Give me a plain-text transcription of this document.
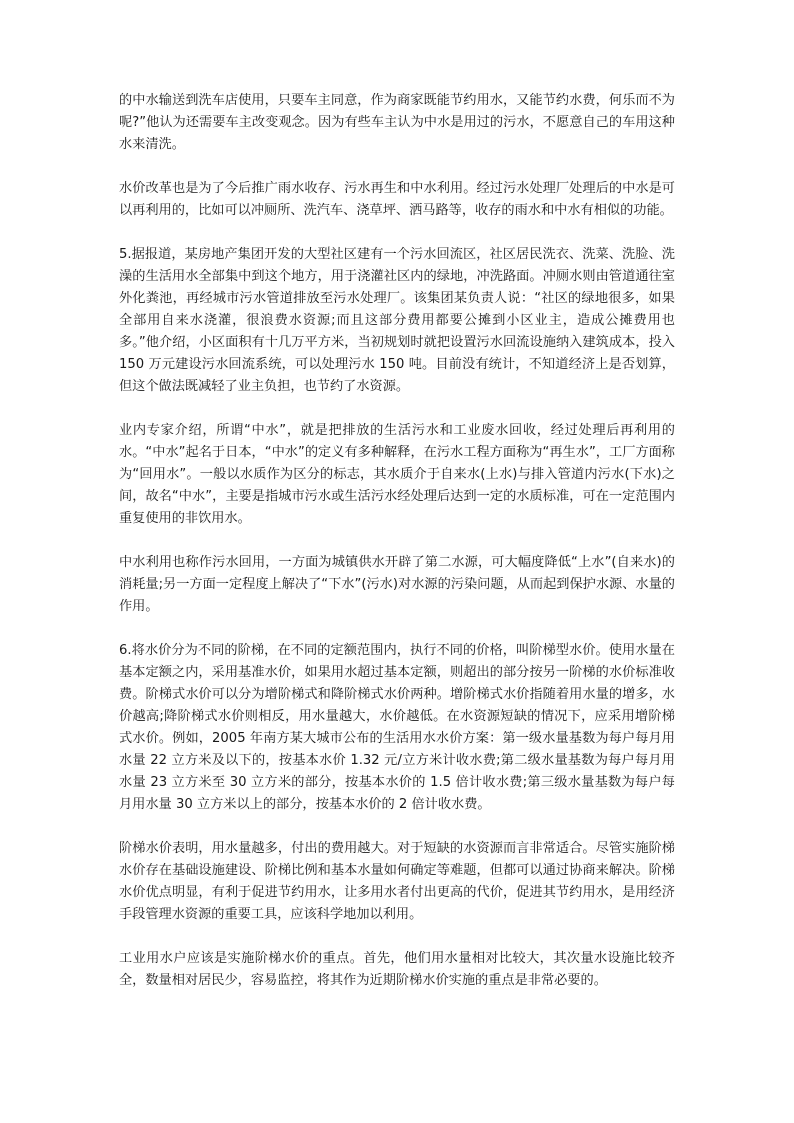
的中水输送到洗车店使用，只要车主同意，作为商家既能节约用水，又能节约水费，何乐而不为呢?”他认为还需要车主改变观念。因为有些车主认为中水是用过的污水，不愿意自己的车用这种水来清洗。

水价改革也是为了今后推广雨水收存、污水再生和中水利用。经过污水处理厂处理后的中水是可以再利用的，比如可以冲厕所、洗汽车、浇草坪、洒马路等，收存的雨水和中水有相似的功能。

5.据报道，某房地产集团开发的大型社区建有一个污水回流区，社区居民洗衣、洗菜、洗脸、洗澡的生活用水全部集中到这个地方，用于浇灌社区内的绿地，冲洗路面。冲厕水则由管道通往室外化粪池，再经城市污水管道排放至污水处理厂。该集团某负责人说：“社区的绿地很多，如果全部用自来水浇灌，很浪费水资源;而且这部分费用都要公摊到小区业主，造成公摊费用也多。”他介绍，小区面积有十几万平方米，当初规划时就把设置污水回流设施纳入建筑成本，投入 150 万元建设污水回流系统，可以处理污水 150 吨。目前没有统计，不知道经济上是否划算，但这个做法既减轻了业主负担，也节约了水资源。

业内专家介绍，所谓“中水”，就是把排放的生活污水和工业废水回收，经过处理后再利用的水。“中水”起名于日本，“中水”的定义有多种解释，在污水工程方面称为“再生水”，工厂方面称为“回用水”。一般以水质作为区分的标志，其水质介于自来水(上水)与排入管道内污水(下水)之间，故名“中水”，主要是指城市污水或生活污水经处理后达到一定的水质标准，可在一定范围内重复使用的非饮用水。

中水利用也称作污水回用，一方面为城镇供水开辟了第二水源，可大幅度降低“上水”(自来水)的消耗量;另一方面一定程度上解决了“下水”(污水)对水源的污染问题，从而起到保护水源、水量的作用。

6.将水价分为不同的阶梯，在不同的定额范围内，执行不同的价格，叫阶梯型水价。使用水量在基本定额之内，采用基准水价，如果用水超过基本定额，则超出的部分按另一阶梯的水价标准收费。阶梯式水价可以分为增阶梯式和降阶梯式水价两种。增阶梯式水价指随着用水量的增多，水价越高;降阶梯式水价则相反，用水量越大，水价越低。在水资源短缺的情况下，应采用增阶梯式水价。例如，2005 年南方某大城市公布的生活用水水价方案：第一级水量基数为每户每月用水量 22 立方米及以下的，按基本水价 1.32 元/立方米计收水费;第二级水量基数为每户每月用水量 23 立方米至 30 立方米的部分，按基本水价的 1.5 倍计收水费;第三级水量基数为每户每月用水量 30 立方米以上的部分，按基本水价的 2 倍计收水费。

阶梯水价表明，用水量越多，付出的费用越大。对于短缺的水资源而言非常适合。尽管实施阶梯水价存在基础设施建设、阶梯比例和基本水量如何确定等难题，但都可以通过协商来解决。阶梯水价优点明显，有利于促进节约用水，让多用水者付出更高的代价，促进其节约用水，是用经济手段管理水资源的重要工具，应该科学地加以利用。

工业用水户应该是实施阶梯水价的重点。首先，他们用水量相对比较大，其次量水设施比较齐全，数量相对居民少，容易监控，将其作为近期阶梯水价实施的重点是非常必要的。
